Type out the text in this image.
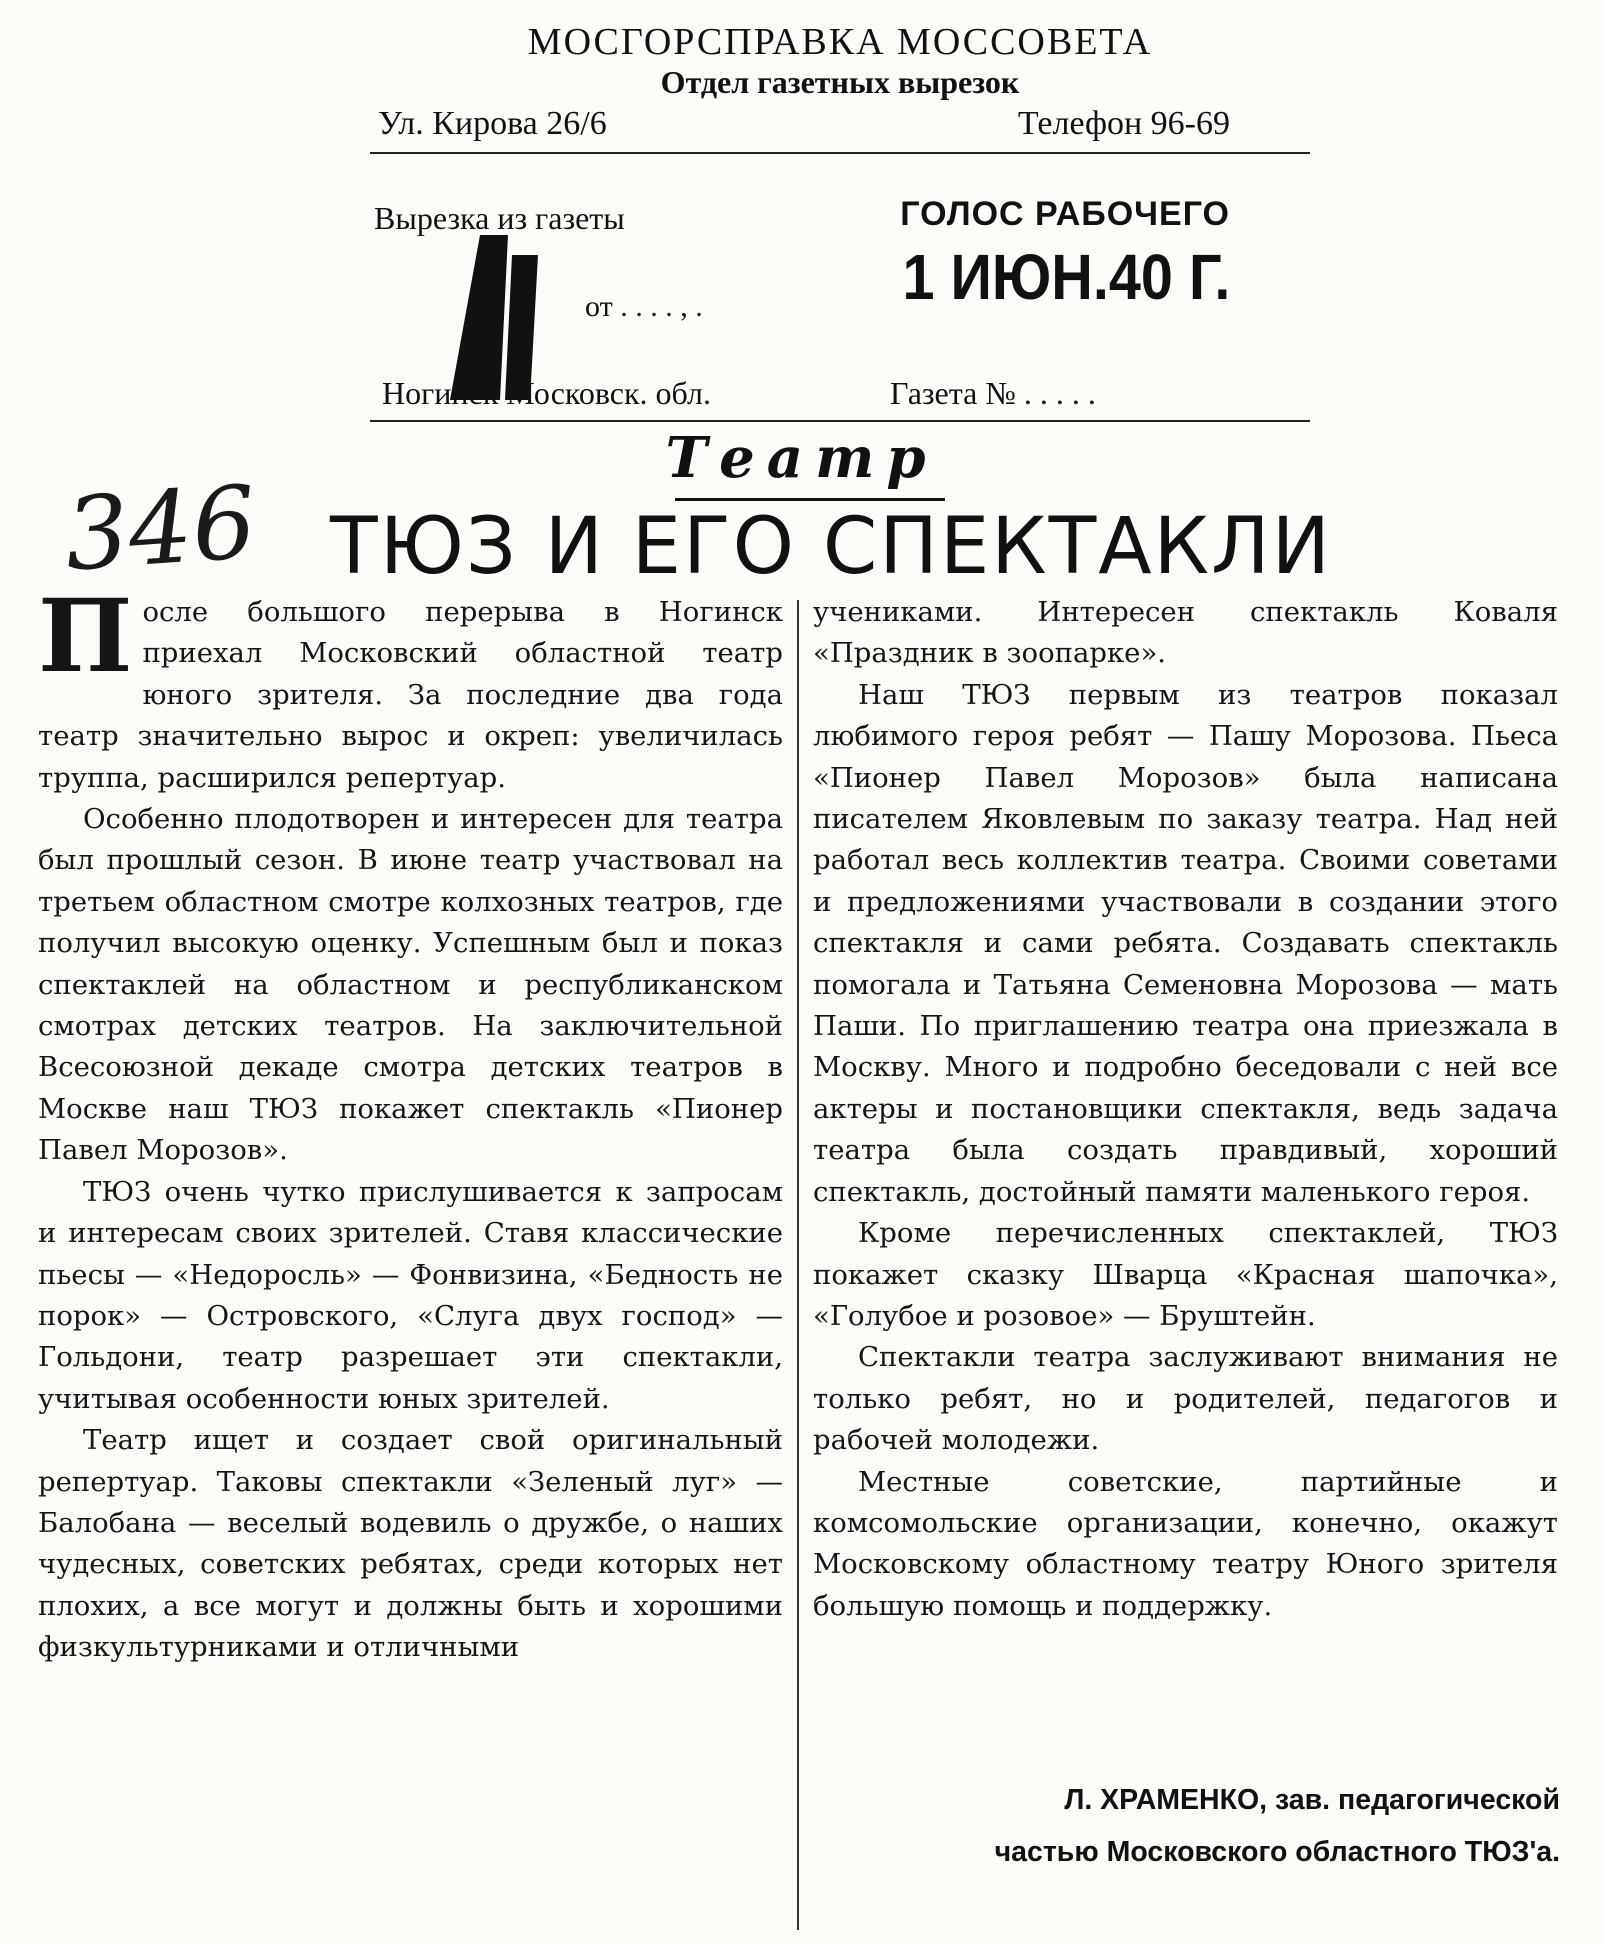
МОСГОРСПРАВКА МОССОВЕТА
Отдел газетных вырезок
Ул. Кирова 26/6	Телефон 96-69
Вырезка из газеты	ГОЛОС РАБОЧЕГО
от . . . . , .	1 ИЮН.40 Г.
Ногинск Московск. обл.	Газета № . . . . .
Театр
346 ТЮЗ И ЕГО СПЕКТАКЛИ

После большого перерыва в Ногинск приехал Московский областной театр юного зрителя. За последние два года театр значительно вырос и окреп: увеличилась труппа, расширился репертуар.

Особенно плодотворен и интересен для театра был прошлый сезон. В июне театр участвовал на третьем областном смотре колхозных театров, где получил высокую оценку. Успешным был и показ спектаклей на областном и республиканском смотрах детских театров. На заключительной Всесоюзной декаде смотра детских театров в Москве наш ТЮЗ покажет спектакль «Пионер Павел Морозов».

ТЮЗ очень чутко прислушивается к запросам и интересам своих зрителей. Ставя классические пьесы — «Недоросль» — Фонвизина, «Бедность не порок» — Островского, «Слуга двух господ» — Гольдони, театр разрешает эти спектакли, учитывая особенности юных зрителей.

Театр ищет и создает свой оригинальный репертуар. Таковы спектакли «Зеленый луг» — Балобана — веселый водевиль о дружбе, о наших чудесных, советских ребятах, среди которых нет плохих, а все могут и должны быть и хорошими физкультурниками и отличными

учениками. Интересен спектакль Коваля «Праздник в зоопарке».

Наш ТЮЗ первым из театров показал любимого героя ребят — Пашу Морозова. Пьеса «Пионер Павел Морозов» была написана писателем Яковлевым по заказу театра. Над ней работал весь коллектив театра. Своими советами и предложениями участвовали в создании этого спектакля и сами ребята. Создавать спектакль помогала и Татьяна Семеновна Морозова — мать Паши. По приглашению театра она приезжала в Москву. Много и подробно беседовали с ней все актеры и постановщики спектакля, ведь задача театра была создать правдивый, хороший спектакль, достойный памяти маленького героя.

Кроме перечисленных спектаклей, ТЮЗ покажет сказку Шварца «Красная шапочка», «Голубое и розовое» — Бруштейн.

Спектакли театра заслуживают внимания не только ребят, но и родителей, педагогов и рабочей молодежи.

Местные советские, партийные и комсомольские организации, конечно, окажут Московскому областному театру Юного зрителя большую помощь и поддержку.

Л. ХРАМЕНКО, зав. педагогической
частью Московского областного ТЮЗ'а.
